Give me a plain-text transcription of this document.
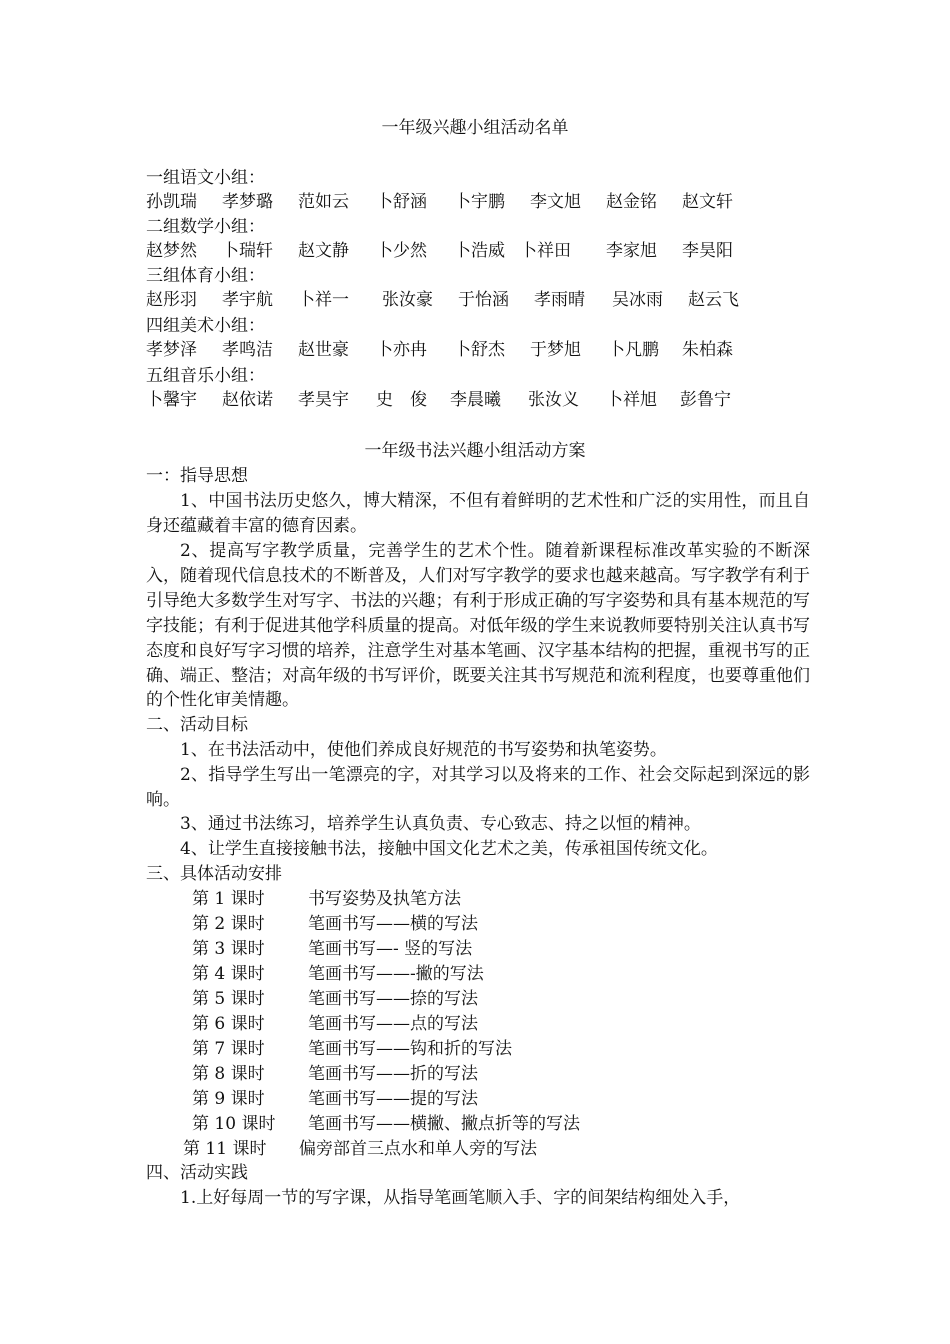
一年级兴趣小组活动名单
一组语文小组：
孙凯瑞 孝梦璐 范如云 卜舒涵 卜宇鹏 李文旭 赵金铭 赵文轩
二组数学小组：
赵梦然 卜瑞轩 赵文静 卜少然 卜浩威 卜祥田 李家旭 李昊阳
三组体育小组：
赵彤羽 孝宇航 卜祥一 张汝豪 于怡涵 孝雨晴 吴冰雨 赵云飞
四组美术小组：
孝梦泽 孝鸣洁 赵世豪 卜亦冉 卜舒杰 于梦旭 卜凡鹏 朱柏森
五组音乐小组：
卜馨宇 赵依诺 孝昊宇 史　俊 李晨曦 张汝义 卜祥旭 彭鲁宁
一年级书法兴趣小组活动方案
一：指导思想
1、中国书法历史悠久，博大精深，不但有着鲜明的艺术性和广泛的实用性，而且自身还蕴藏着丰富的德育因素。
2、提高写字教学质量，完善学生的艺术个性。随着新课程标准改革实验的不断深入，随着现代信息技术的不断普及，人们对写字教学的要求也越来越高。写字教学有利于引导绝大多数学生对写字、书法的兴趣；有利于形成正确的写字姿势和具有基本规范的写字技能；有利于促进其他学科质量的提高。对低年级的学生来说教师要特别关注认真书写态度和良好写字习惯的培养，注意学生对基本笔画、汉字基本结构的把握，重视书写的正确、端正、整洁；对高年级的书写评价，既要关注其书写规范和流利程度，也要尊重他们的个性化审美情趣。
二、活动目标
1、在书法活动中，使他们养成良好规范的书写姿势和执笔姿势。
2、指导学生写出一笔漂亮的字，对其学习以及将来的工作、社会交际起到深远的影响。
3、通过书法练习，培养学生认真负责、专心致志、持之以恒的精神。
4、让学生直接接触书法，接触中国文化艺术之美，传承祖国传统文化。
三、具体活动安排
第 1 课时	书写姿势及执笔方法
第 2 课时	笔画书写——横的写法
第 3 课时	笔画书写—- 竖的写法
第 4 课时	笔画书写——-撇的写法
第 5 课时	笔画书写——捺的写法
第 6 课时	笔画书写——点的写法
第 7 课时	笔画书写——钩和折的写法
第 8 课时	笔画书写——折的写法
第 9 课时	笔画书写——提的写法
第 10 课时 笔画书写——横撇、撇点折等的写法
第 11 课时 偏旁部首三点水和单人旁的写法
四、活动实践
1.上好每周一节的写字课，从指导笔画笔顺入手、字的间架结构细处入手，
